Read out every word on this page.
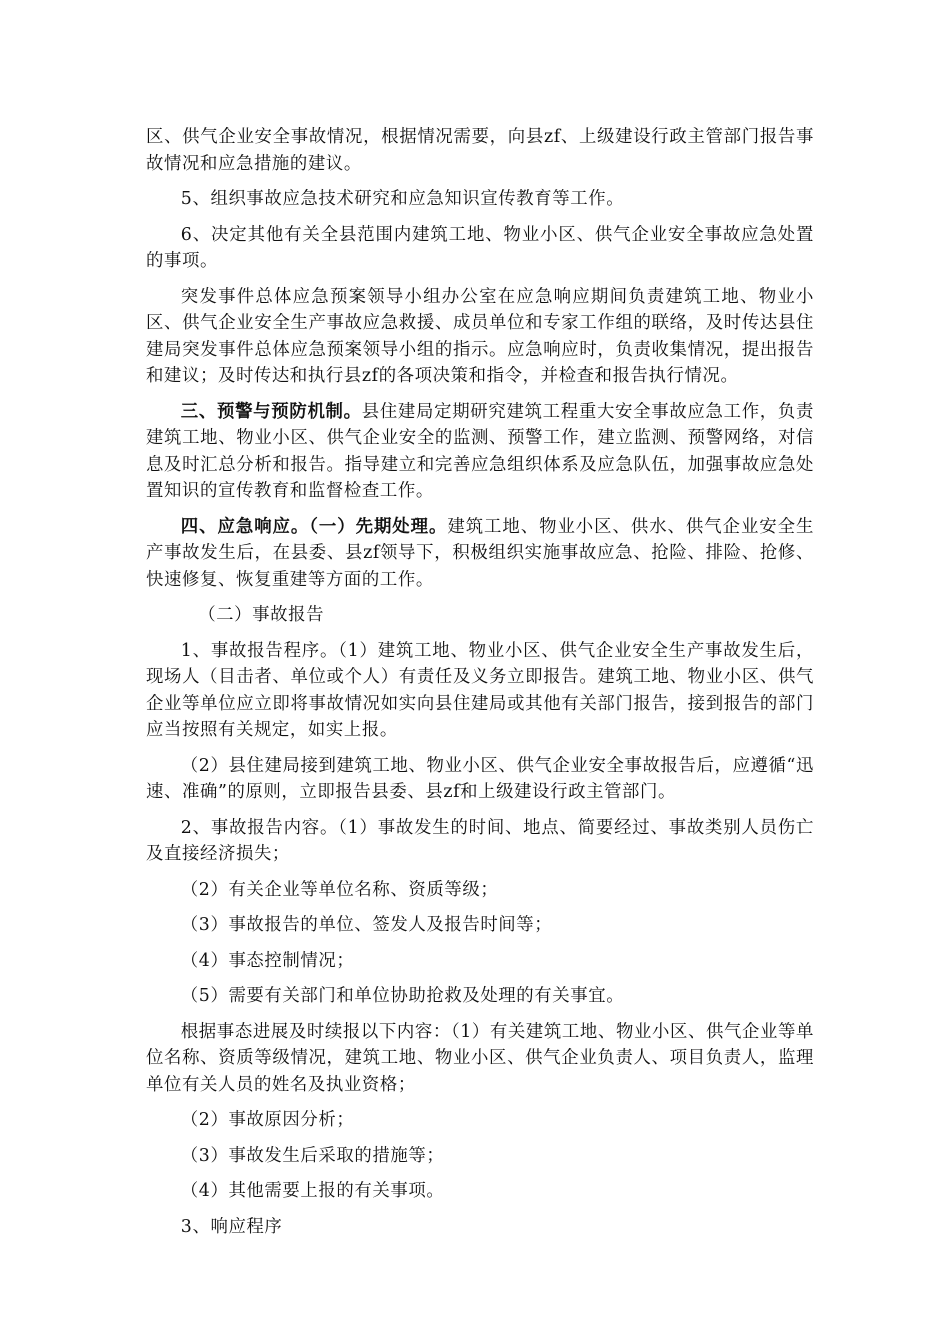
区、供气企业安全事故情况，根据情况需要，向县zf、上级建设行政主管部门报告事故情况和应急措施的建议。

5、组织事故应急技术研究和应急知识宣传教育等工作。

6、决定其他有关全县范围内建筑工地、物业小区、供气企业安全事故应急处置的事项。

突发事件总体应急预案领导小组办公室在应急响应期间负责建筑工地、物业小区、供气企业安全生产事故应急救援、成员单位和专家工作组的联络，及时传达县住建局突发事件总体应急预案领导小组的指示。应急响应时，负责收集情况，提出报告和建议；及时传达和执行县zf的各项决策和指令，并检查和报告执行情况。

三、预警与预防机制。县住建局定期研究建筑工程重大安全事故应急工作，负责建筑工地、物业小区、供气企业安全的监测、预警工作，建立监测、预警网络，对信息及时汇总分析和报告。指导建立和完善应急组织体系及应急队伍，加强事故应急处置知识的宣传教育和监督检查工作。

四、应急响应。（一）先期处理。建筑工地、物业小区、供水、供气企业安全生产事故发生后，在县委、县zf领导下，积极组织实施事故应急、抢险、排险、抢修、快速修复、恢复重建等方面的工作。

（二）事故报告

1、事故报告程序。（1）建筑工地、物业小区、供气企业安全生产事故发生后，现场人（目击者、单位或个人）有责任及义务立即报告。建筑工地、物业小区、供气企业等单位应立即将事故情况如实向县住建局或其他有关部门报告，接到报告的部门应当按照有关规定，如实上报。

（2）县住建局接到建筑工地、物业小区、供气企业安全事故报告后，应遵循“迅速、准确”的原则，立即报告县委、县zf和上级建设行政主管部门。

2、事故报告内容。（1）事故发生的时间、地点、简要经过、事故类别人员伤亡及直接经济损失；

（2）有关企业等单位名称、资质等级；

（3）事故报告的单位、签发人及报告时间等；

（4）事态控制情况；

（5）需要有关部门和单位协助抢救及处理的有关事宜。

根据事态进展及时续报以下内容：（1）有关建筑工地、物业小区、供气企业等单位名称、资质等级情况，建筑工地、物业小区、供气企业负责人、项目负责人，监理单位有关人员的姓名及执业资格；

（2）事故原因分析；

（3）事故发生后采取的措施等；

（4）其他需要上报的有关事项。

3、响应程序
